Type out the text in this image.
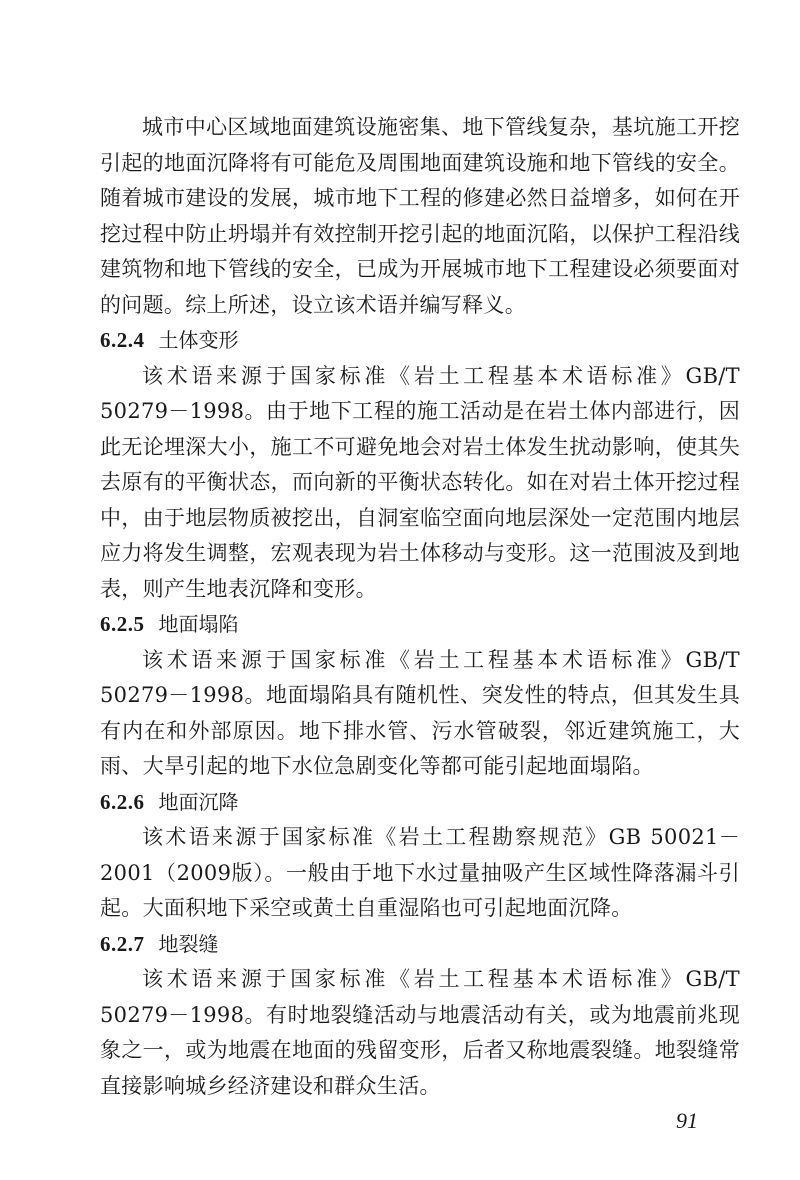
城市中心区域地面建筑设施密集、地下管线复杂，基坑施工开挖引起的地面沉降将有可能危及周围地面建筑设施和地下管线的安全。随着城市建设的发展，城市地下工程的修建必然日益增多，如何在开挖过程中防止坍塌并有效控制开挖引起的地面沉陷，以保护工程沿线建筑物和地下管线的安全，已成为开展城市地下工程建设必须要面对的问题。综上所述，设立该术语并编写释义。

6.2.4 土体变形

该术语来源于国家标准《岩土工程基本术语标准》GB/T 50279－1998。由于地下工程的施工活动是在岩土体内部进行，因此无论埋深大小，施工不可避免地会对岩土体发生扰动影响，使其失去原有的平衡状态，而向新的平衡状态转化。如在对岩土体开挖过程中，由于地层物质被挖出，自洞室临空面向地层深处一定范围内地层应力将发生调整，宏观表现为岩土体移动与变形。这一范围波及到地表，则产生地表沉降和变形。

6.2.5 地面塌陷

该术语来源于国家标准《岩土工程基本术语标准》GB/T 50279－1998。地面塌陷具有随机性、突发性的特点，但其发生具有内在和外部原因。地下排水管、污水管破裂，邻近建筑施工，大雨、大旱引起的地下水位急剧变化等都可能引起地面塌陷。

6.2.6 地面沉降

该术语来源于国家标准《岩土工程勘察规范》GB 50021－2001（2009版）。一般由于地下水过量抽吸产生区域性降落漏斗引起。大面积地下采空或黄土自重湿陷也可引起地面沉降。

6.2.7 地裂缝

该术语来源于国家标准《岩土工程基本术语标准》GB/T 50279－1998。有时地裂缝活动与地震活动有关，或为地震前兆现象之一，或为地震在地面的残留变形，后者又称地震裂缝。地裂缝常直接影响城乡经济建设和群众生活。

91
